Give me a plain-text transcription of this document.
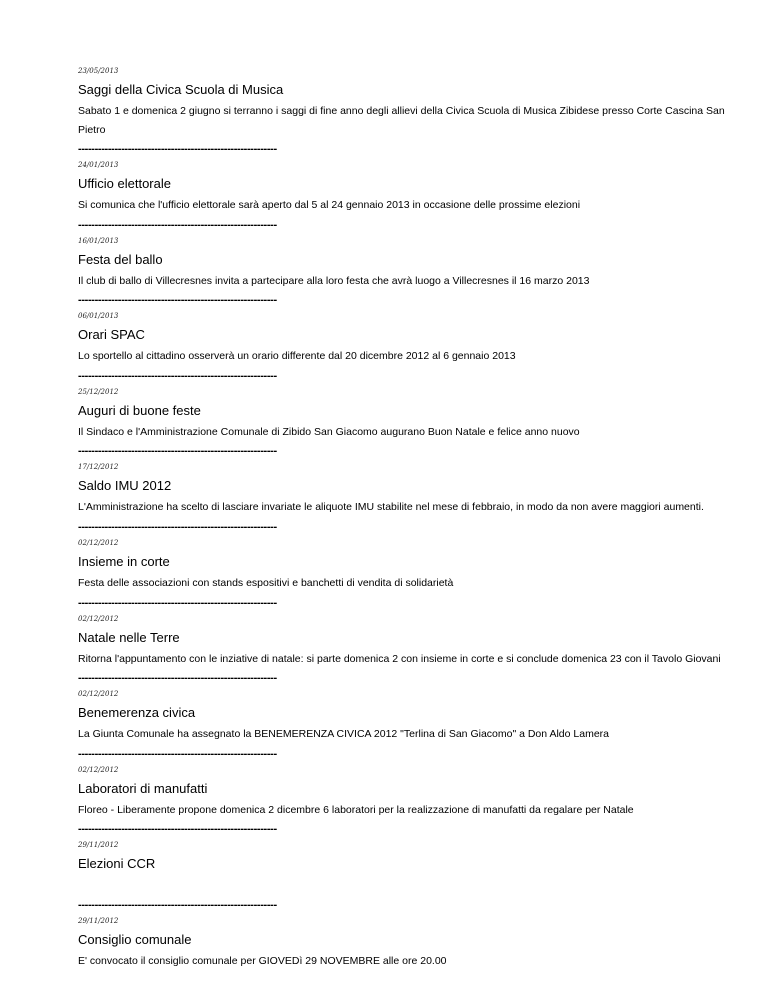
23/05/2013
Saggi della Civica Scuola di Musica
Sabato 1 e domenica 2 giugno si terranno i saggi di fine anno degli allievi della Civica Scuola di Musica Zibidese presso Corte Cascina San Pietro
------------------------------------------------------------
24/01/2013
Ufficio elettorale
Si comunica che l'ufficio elettorale sarà aperto dal 5 al 24 gennaio 2013 in occasione delle prossime elezioni
------------------------------------------------------------
16/01/2013
Festa del ballo
Il club di ballo di Villecresnes invita a partecipare alla loro festa che avrà luogo a Villecresnes il 16 marzo 2013
------------------------------------------------------------
06/01/2013
Orari SPAC
Lo sportello al cittadino osserverà un orario differente dal 20 dicembre 2012 al 6 gennaio 2013
------------------------------------------------------------
25/12/2012
Auguri di buone feste
Il Sindaco e l'Amministrazione Comunale di Zibido San Giacomo augurano Buon Natale e felice anno nuovo
------------------------------------------------------------
17/12/2012
Saldo IMU 2012
L'Amministrazione ha scelto di lasciare invariate le aliquote IMU stabilite nel mese di febbraio, in modo da non avere maggiori aumenti.
------------------------------------------------------------
02/12/2012
Insieme in corte
Festa delle associazioni con stands espositivi e banchetti di vendita di solidarietà
------------------------------------------------------------
02/12/2012
Natale nelle Terre
Ritorna l'appuntamento con le inziative di natale: si parte domenica 2 con insieme in corte e si conclude domenica 23 con il Tavolo Giovani
------------------------------------------------------------
02/12/2012
Benemerenza civica
La Giunta Comunale ha assegnato la BENEMERENZA CIVICA 2012 "Terlina di San Giacomo" a Don Aldo Lamera
------------------------------------------------------------
02/12/2012
Laboratori di manufatti
Floreo - Liberamente propone domenica 2 dicembre 6 laboratori per la realizzazione di manufatti da regalare per Natale
------------------------------------------------------------
29/11/2012
Elezioni CCR
------------------------------------------------------------
29/11/2012
Consiglio comunale
E' convocato il consiglio comunale per GIOVEDì 29 NOVEMBRE alle ore 20.00
